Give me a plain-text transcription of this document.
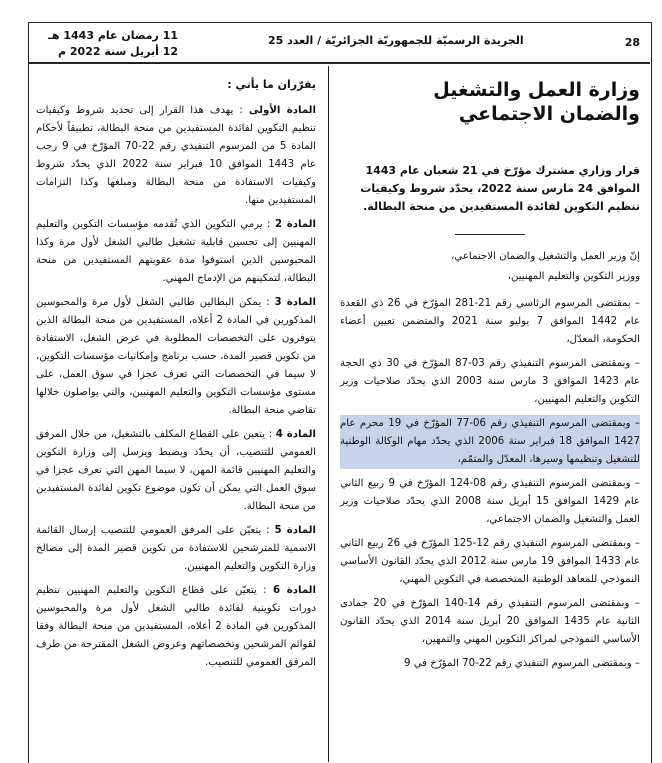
11 رمضان عام 1443 هـ
12 أبريل سنة 2022 م
الجريدة الرسميّة للجمهوريّة الجزائريّة / العدد 25	28
وزارة العمل والتشغيل
والضمان الاجتماعي
قرار وزاري مشترك مؤرّخ في 21 شعبان عام 1443 الموافق 24 مارس سنة 2022، يحدّد شروط وكيفيات تنظيم التكوين لفائدة المستفيدين من منحة البطالة.

إنّ وزير العمل والتشغيل والضمان الاجتماعي،

ووزير التكوين والتعليم المهنيين،

– بمقتضى المرسوم الرئاسي رقم 21-281 المؤرّخ في 26 ذي القعدة عام 1442 الموافق 7 يوليو سنة 2021 والمتضمن تعيين أعضاء الحكومة، المعدّل،

– وبمقتضى المرسوم التنفيذي رقم 03-87 المؤرّخ في 30 ذي الحجة عام 1423 الموافق 3 مارس سنة 2003 الذي يحدّد صلاحيات وزير التكوين والتعليم المهنيين،

– وبمقتضى المرسوم التنفيذي رقم 06-77 المؤرّخ في 19 محرم عام 1427 الموافق 18 فبراير سنة 2006 الذي يحدّد مهام الوكالة الوطنية للتشغيل وتنظيمها وسيرها، المعدّل والمتمّم،

– وبمقتضى المرسوم التنفيذي رقم 08-124 المؤرّخ في 9 ربيع الثاني عام 1429 الموافق 15 أبريل سنة 2008 الذي يحدّد صلاحيات وزير العمل والتشغيل والضمان الاجتماعي،

– وبمقتضى المرسوم التنفيذي رقم 12-125 المؤرّخ في 26 ربيع الثاني عام 1433 الموافق 19 مارس سنة 2012 الذي يحدّد القانون الأساسي النموذجي للمعاهد الوطنية المتخصصة في التكوين المهني،

– وبمقتضى المرسوم التنفيذي رقم 14-140 المؤرّخ في 20 جمادى الثانية عام 1435 الموافق 20 أبريل سنة 2014 الذي يحدّد القانون الأساسي النموذجي لمراكز التكوين المهني والتمهين،

– وبمقتضى المرسوم التنفيذي رقم 22-70 المؤرّخ في 9

يقرّران ما يأتي :

المادة الأولى : يهدف هذا القرار إلى تحديد شروط وكيفيات تنظيم التكوين لفائدة المستفيدين من منحة البطالة، تطبيقاً لأحكام المادة 5 من المرسوم التنفيذي رقم 22-70 المؤرّخ في 9 رجب عام 1443 الموافق 10 فبراير سنة 2022 الذي يحدّد شروط وكيفيات الاستفادة من منحة البطالة ومبلغها وكذا التزامات المستفيدين منها.

المادة 2 : يرمي التكوين الذي تُقدمه مؤسسات التكوين والتعليم المهنيين إلى تحسين قابلية تشغيل طالبي الشغل لأول مرة وكذا المحبوسين الذين استوفوا مدة عقوبتهم المستفيدين من منحة البطالة، لتمكينهم من الإدماج المهني.

المادة 3 : يمكن البطالين طالبي الشغل لأول مرة والمحبوسين المذكورين في المادة 2 أعلاه، المستفيدين من منحة البطالة الذين يتوفرون على التخصصات المطلوبة في عرض الشغل، الاستفادة من تكوين قصير المدة، حسب برنامج وإمكانيات مؤسسات التكوين، لا سيما في التخصصات التي تعرف عجزا في سوق العمل، على مستوى مؤسسات التكوين والتعليم المهنيين، والتي يواصلون خلالها تقاضي منحة البطالة.

المادة 4 : يتعين على القطاع المكلف بالتشغيل، من خلال المرفق العمومي للتنصيب، أن يحدّد ويضبط ويرسل إلى وزارة التكوين والتعليم المهنيين قائمة المهن، لا سيما المهن التي تعرف عجزا في سوق العمل التي يمكن أن تكون موضوع تكوين لفائدة المستفيدين من منحة البطالة.

المادة 5 : يتعيّن على المرفق العمومي للتنصيب إرسال القائمة الاسمية للمترشحين للاستفادة من تكوين قصير المدة إلى مصالح وزارة التكوين والتعليم المهنيين.

المادة 6 : يتعيّن على قطاع التكوين والتعليم المهنيين تنظيم دورات تكوينية لفائدة طالبي الشغل لأول مرة والمحبوسين المذكورين في المادة 2 أعلاه، المستفيدين من منحة البطالة وفقا لقوائم المرشحين وتخصصاتهم وعروض الشغل المقترحة من طرف المرفق العمومي للتنصيب.
